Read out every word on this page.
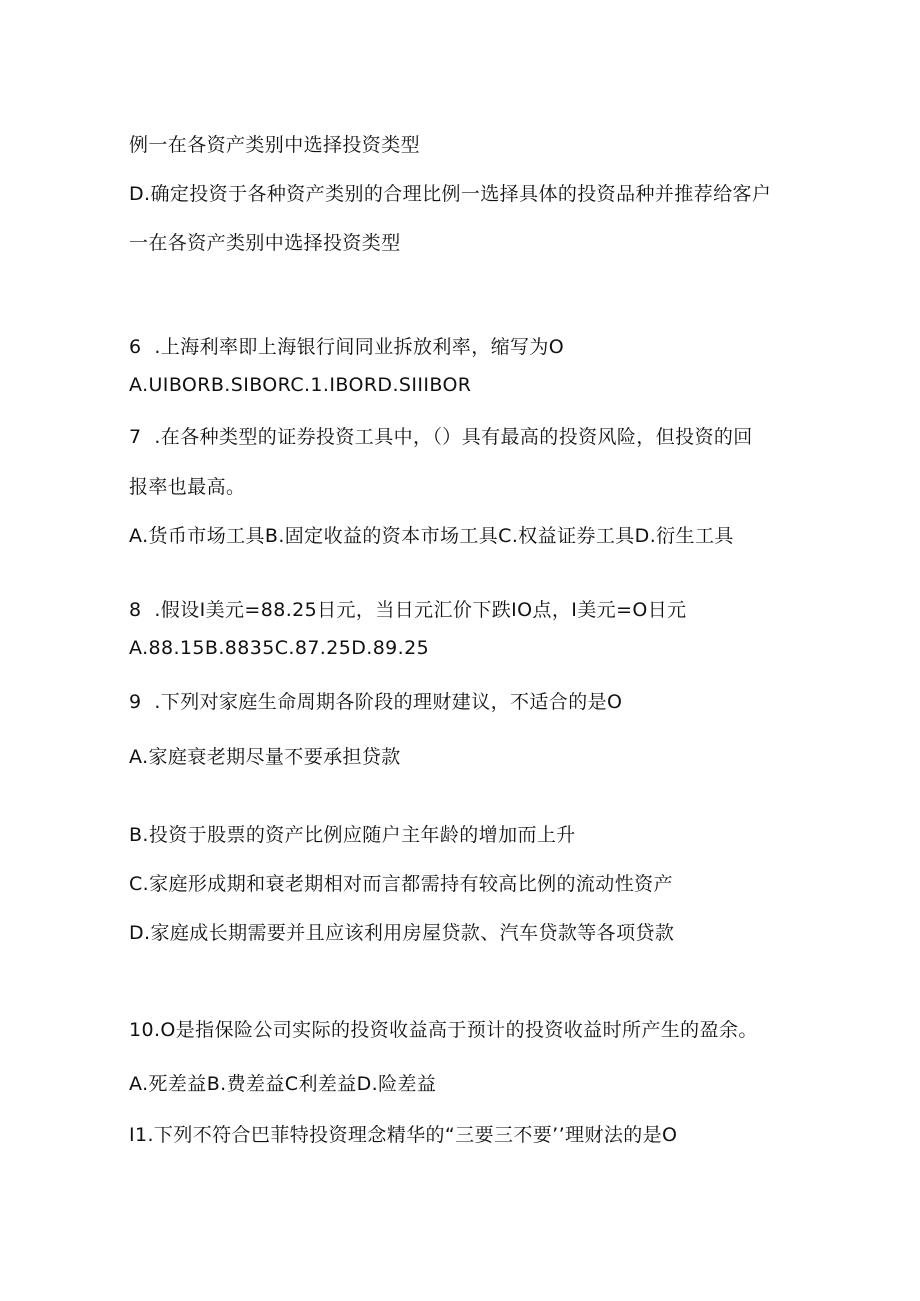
例一在各资产类别中选择投资类型
D.确定投资于各种资产类别的合理比例一选择具体的投资品种并推荐给客户
一在各资产类别中选择投资类型
6  .上海利率即上海银行间同业拆放利率，缩写为O
A.UIBORB.SIBORC.1.IBORD.SIIIBOR
7  .在各种类型的证券投资工具中，（）具有最高的投资风险，但投资的回
报率也最高。
A.货币市场工具B.固定收益的资本市场工具C.权益证券工具D.衍生工具
8  .假设I美元=88.25日元，当日元汇价下跌IO点，I美元=O日元
A.88.15B.8835C.87.25D.89.25
9  .下列对家庭生命周期各阶段的理财建议，不适合的是O
A.家庭衰老期尽量不要承担贷款
B.投资于股票的资产比例应随户主年龄的增加而上升
C.家庭形成期和衰老期相对而言都需持有较高比例的流动性资产
D.家庭成长期需要并且应该利用房屋贷款、汽车贷款等各项贷款
10.O是指保险公司实际的投资收益高于预计的投资收益时所产生的盈余。
A.死差益B.费差益C利差益D.险差益
I1.下列不符合巴菲特投资理念精华的“三要三不要’’理财法的是O
